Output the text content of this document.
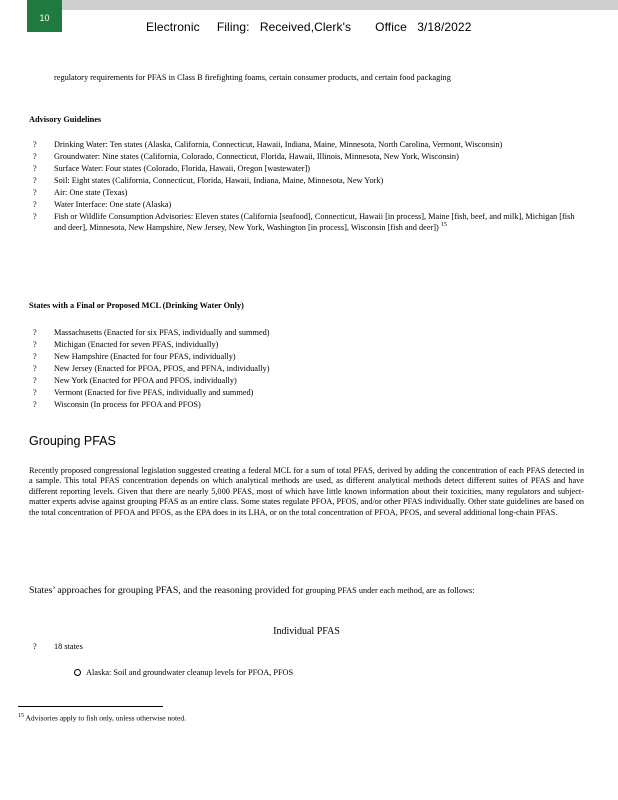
10
Electronic     Filing:   Received,Clerk's       Office   3/18/2022
regulatory requirements for PFAS in Class B firefighting foams, certain consumer products, and certain food packaging
Advisory Guidelines
? Drinking Water: Ten states (Alaska, California, Connecticut, Hawaii, Indiana, Maine, Minnesota, North Carolina, Vermont, Wisconsin)
? Groundwater: Nine states (California, Colorado, Connecticut, Florida, Hawaii, Illinois, Minnesota, New York, Wisconsin)
? Surface Water: Four states (Colorado, Florida, Hawaii, Oregon [wastewater])
? Soil: Eight states (California, Connecticut, Florida, Hawaii, Indiana, Maine, Minnesota, New York)
? Air: One state (Texas)
? Water Interface: One state (Alaska)
? Fish or Wildlife Consumption Advisories: Eleven states (California [seafood], Connecticut, Hawaii [in process], Maine [fish, beef, and milk], Michigan [fish and deer], Minnesota, New Hampshire, New Jersey, New York, Washington [in process], Wisconsin [fish and deer]) $^{15}$
States with a Final or Proposed MCL (Drinking Water Only)
? Massachusetts (Enacted for six PFAS, individually and summed)
? Michigan (Enacted for seven PFAS, individually)
? New Hampshire (Enacted for four PFAS, individually)
? New Jersey (Enacted for PFOA, PFOS, and PFNA, individually)
? New York (Enacted for PFOA and PFOS, individually)
? Vermont (Enacted for five PFAS, individually and summed)
? Wisconsin (In process for PFOA and PFOS)
Grouping PFAS
Recently proposed congressional legislation suggested creating a federal MCL for a sum of total PFAS, derived by adding the concentration of each PFAS detected in a sample. This total PFAS concentration depends on which analytical methods are used, as different analytical methods detect different suites of PFAS and have different reporting levels. Given that there are nearly 5,000 PFAS, most of which have little known information about their toxicities, many regulators and subject-matter experts advise against grouping PFAS as an entire class. Some states regulate PFOA, PFOS, and/or other PFAS individually. Other state guidelines are based on the total concentration of PFOA and PFOS, as the EPA does in its LHA, or on the total concentration of PFOA, PFOS, and several additional long-chain PFAS.
States’ approaches for grouping PFAS, and the reasoning provided for grouping PFAS under each method, are as follows:
Individual PFAS
? 18 states
Alaska: Soil and groundwater cleanup levels for PFOA, PFOS
$^{15}$ Advisories apply to fish only, unless otherwise noted.
